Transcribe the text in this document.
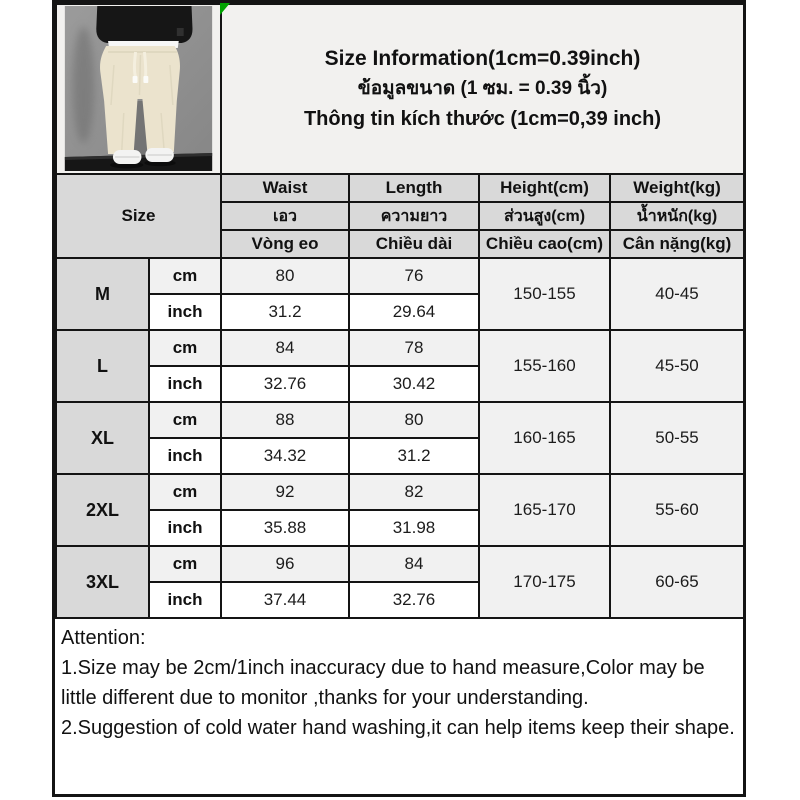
Size Information(1cm=0.39inch)
ข้อมูลขนาด (1 ซม. = 0.39 นิ้ว)
Thông tin kích thước (1cm=0,39 inch)			

Size		Waist	Length	Height(cm)	Weight(kg)
		เอว	ความยาว	ส่วนสูง(cm)	น้ำหนัก(kg)
		Vòng eo	Chiều dài	Chiều cao(cm)	Cân nặng(kg)
M	cm	80	76	150-155	40-45
	inch	31.2	29.64		
L	cm	84	78	155-160	45-50
	inch	32.76	30.42		
XL	cm	88	80	160-165	50-55
	inch	34.32	31.2		
2XL	cm	92	82	165-170	55-60
	inch	35.88	31.98		
3XL	cm	96	84	170-175	60-65
	inch	37.44	32.76		
Attention:
1.Size may be 2cm/1inch inaccuracy due to hand measure,Color may be little different due to monitor ,thanks for your understanding.
2.Suggestion of cold water hand washing,it can help items keep their shape.
